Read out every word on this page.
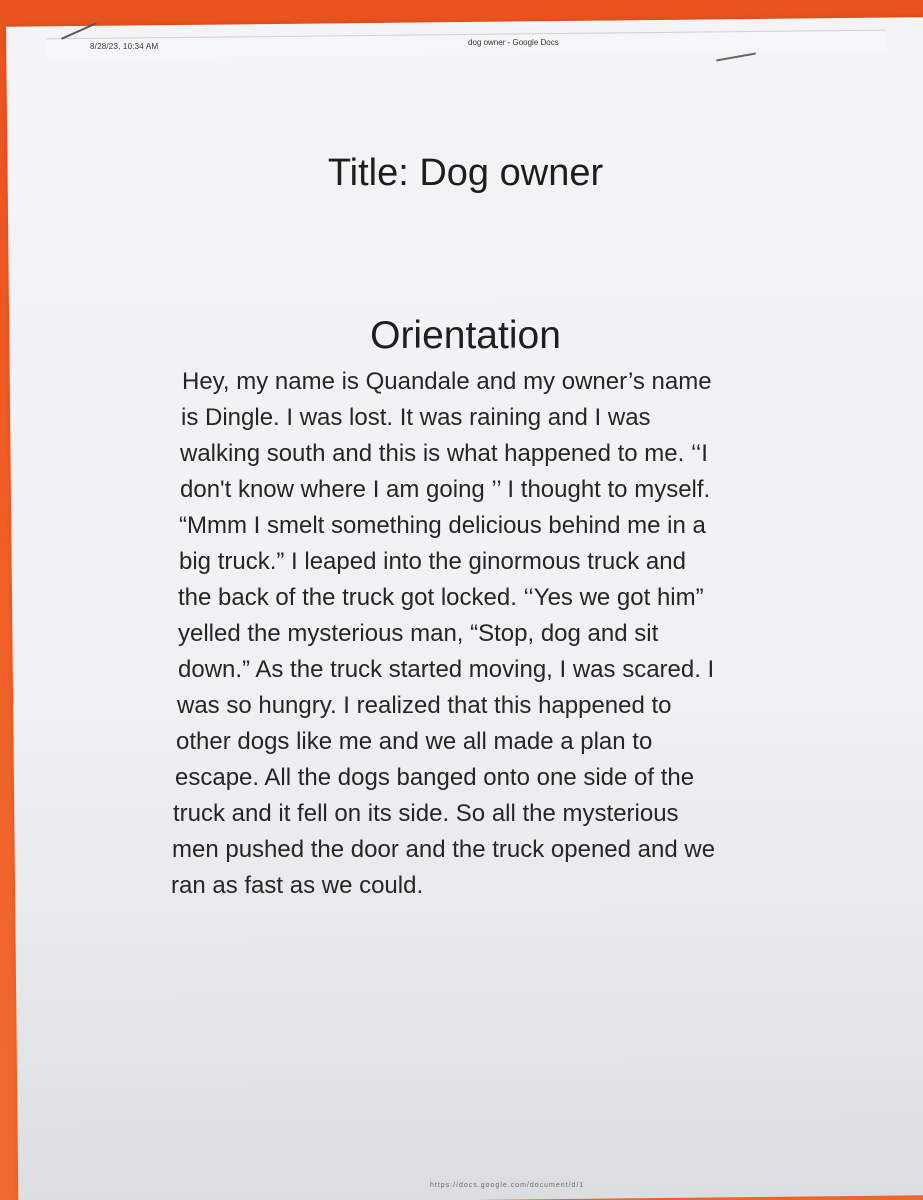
8/28/23, 10:34 AM	dog owner - Google Docs
Title: Dog owner
Orientation
Hey, my name is Quandale and my owner’s name
is Dingle. I was lost. It was raining and I was
walking south and this is what happened to me. ‘‘I
don't know where I am going ’’ I thought to myself.
“Mmm I smelt something delicious behind me in a
big truck.” I leaped into the ginormous truck and
the back of the truck got locked. ‘‘Yes we got him”
yelled the mysterious man, “Stop, dog and sit
down.” As the truck started moving, I was scared. I
was so hungry. I realized that this happened to
other dogs like me and we all made a plan to
escape. All the dogs banged onto one side of the
truck and it fell on its side. So all the mysterious
men pushed the door and the truck opened and we
ran as fast as we could.
https://docs.google.com/document/d/1
